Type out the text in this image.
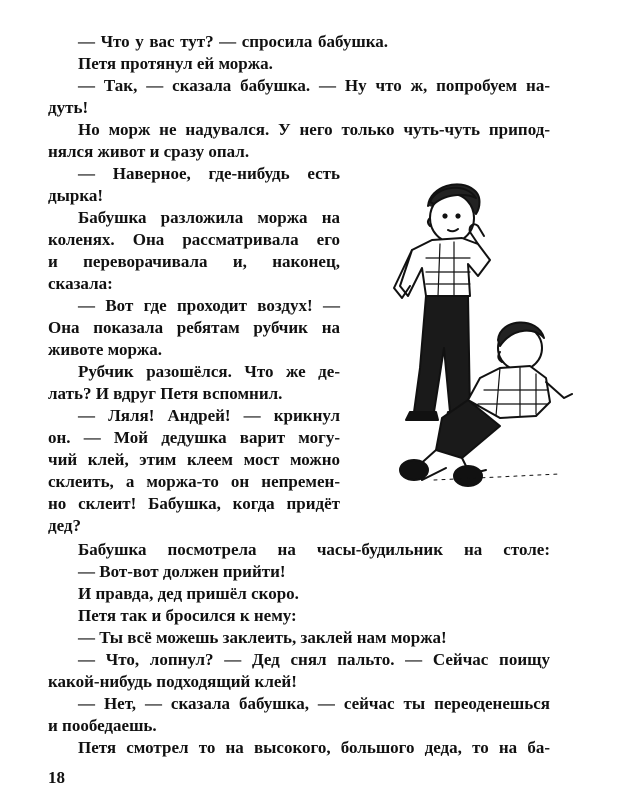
— Что у вас тут? — спросила бабушка.

Петя протянул ей моржа.

— Так, — сказала бабушка. — Ну что ж, попробуем на-

дуть!

Но морж не надувался. У него только чуть-чуть припод-

нялся живот и сразу опал.

— Наверное, где-нибудь есть

дырка!

Бабушка разложила моржа на

коленях. Она рассматривала его

и переворачивала и, наконец,

сказала:

— Вот где проходит воздух! —

Она показала ребятам рубчик на

животе моржа.

Рубчик разошёлся. Что же де-

лать? И вдруг Петя вспомнил.

— Ляля! Андрей! — крикнул

он. — Мой дедушка варит могу-

чий клей, этим клеем мост можно

склеить, а моржа-то он непремен-

но склеит! Бабушка, когда придёт

дед?

Бабушка посмотрела на часы-будильник на столе:

— Вот-вот должен прийти!

И правда, дед пришёл скоро.

Петя так и бросился к нему:

— Ты всё можешь заклеить, заклей нам моржа!

— Что, лопнул? — Дед снял пальто. — Сейчас поищу

какой-нибудь подходящий клей!

— Нет, — сказала бабушка, — сейчас ты переоденешься

и пообедаешь.

Петя смотрел то на высокого, большого деда, то на ба-

18
